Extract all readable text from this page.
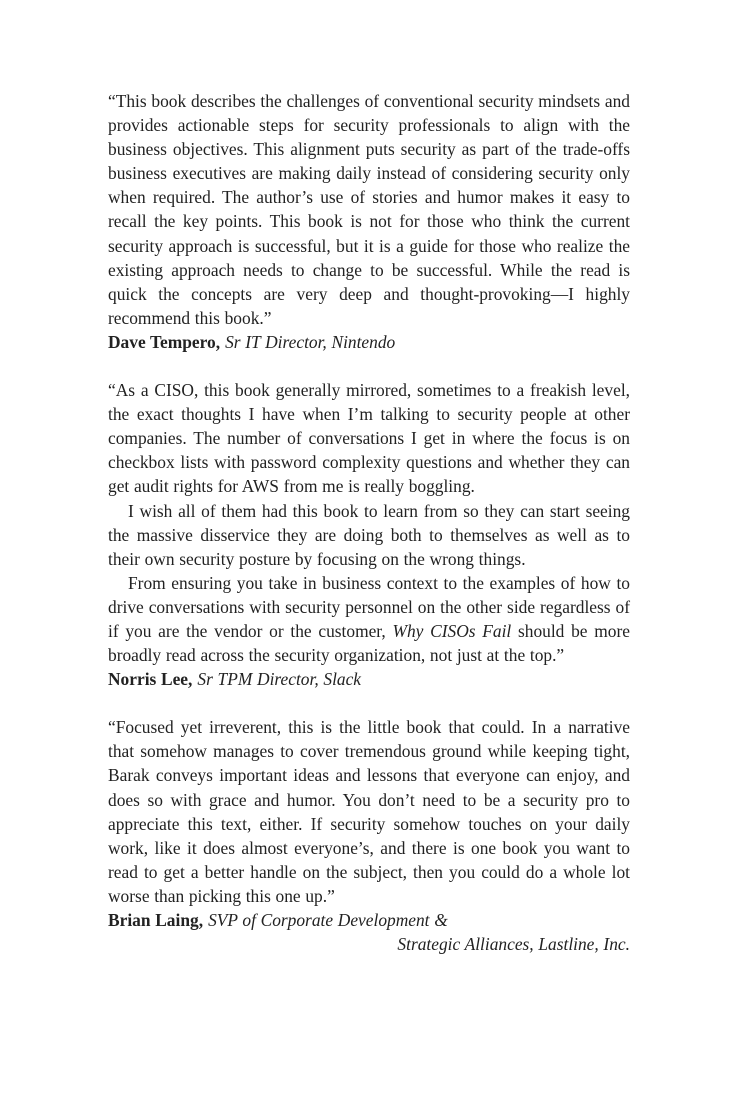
“This book describes the challenges of conventional security mindsets and provides actionable steps for security professionals to align with the business objectives. This alignment puts security as part of the trade-offs business executives are making daily instead of considering security only when required. The author’s use of stories and humor makes it easy to recall the key points. This book is not for those who think the current security approach is successful, but it is a guide for those who realize the existing approach needs to change to be successful. While the read is quick the concepts are very deep and thought-provoking—I highly recommend this book.”

Dave Tempero, Sr IT Director, Nintendo

“As a CISO, this book generally mirrored, sometimes to a freakish level, the exact thoughts I have when I’m talking to security people at other companies. The number of conversations I get in where the focus is on checkbox lists with password complexity questions and whether they can get audit rights for AWS from me is really boggling.

I wish all of them had this book to learn from so they can start seeing the massive disservice they are doing both to themselves as well as to their own security posture by focusing on the wrong things.

From ensuring you take in business context to the examples of how to drive conversations with security personnel on the other side regardless of if you are the vendor or the customer, Why CISOs Fail should be more broadly read across the security organization, not just at the top.”

Norris Lee, Sr TPM Director, Slack

“Focused yet irreverent, this is the little book that could. In a narrative that somehow manages to cover tremendous ground while keeping tight, Barak conveys important ideas and lessons that everyone can enjoy, and does so with grace and humor. You don’t need to be a security pro to appreciate this text, either. If security somehow touches on your daily work, like it does almost everyone’s, and there is one book you want to read to get a better handle on the subject, then you could do a whole lot worse than picking this one up.”

Brian Laing, SVP of Corporate Development &
Strategic Alliances, Lastline, Inc.
